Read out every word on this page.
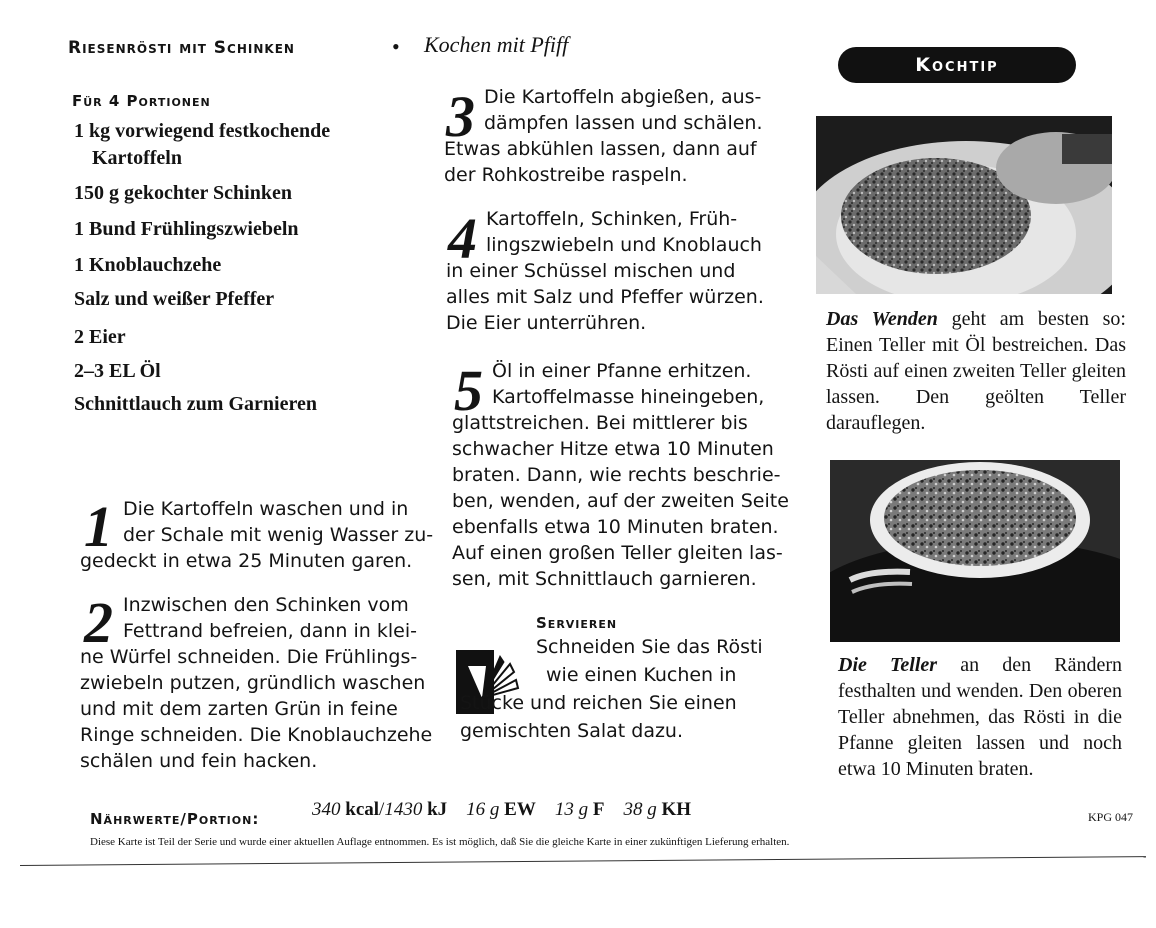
Riesenrösti mit Schinken	• Kochen mit Pfiff
Kochtip
Für 4 Portionen
1 kg vorwiegend festkochende
Kartoffeln
150 g gekochter Schinken
1 Bund Frühlingszwiebeln
1 Knoblauchzehe
Salz und weißer Pfeffer
2 Eier
2–3 EL Öl
Schnittlauch zum Garnieren
1 Die Kartoffeln waschen und in
der Schale mit wenig Wasser zu-
gedeckt in etwa 25 Minuten garen.
2 Inzwischen den Schinken vom
Fettrand befreien, dann in klei-
ne Würfel schneiden. Die Frühlings-
zwiebeln putzen, gründlich waschen
und mit dem zarten Grün in feine
Ringe schneiden. Die Knoblauchzehe
schälen und fein hacken.
3 Die Kartoffeln abgießen, aus-
dämpfen lassen und schälen.
Etwas abkühlen lassen, dann auf
der Rohkostreibe raspeln.
4 Kartoffeln, Schinken, Früh-
lingszwiebeln und Knoblauch
in einer Schüssel mischen und
alles mit Salz und Pfeffer würzen.
Die Eier unterrühren.
5 Öl in einer Pfanne erhitzen.
Kartoffelmasse hineingeben,
glattstreichen. Bei mittlerer bis
schwacher Hitze etwa 10 Minuten
braten. Dann, wie rechts beschrie-
ben, wenden, auf der zweiten Seite
ebenfalls etwa 10 Minuten braten.
Auf einen großen Teller gleiten las-
sen, mit Schnittlauch garnieren.
Servieren
Schneiden Sie das Rösti
wie einen Kuchen in
Stücke und reichen Sie einen
gemischten Salat dazu.
Das Wenden geht am besten so: Einen Teller mit Öl bestreichen. Das Rösti auf einen zweiten Teller gleiten lassen. Den geölten Teller darauflegen.
Die Teller an den Rändern festhalten und wenden. Den oberen Teller abnehmen, das Rösti in die Pfanne gleiten lassen und noch etwa 10 Minuten braten.
Nährwerte/Portion:	340 kcal/1430 kJ 16 g EW 13 g F 38 g KH	KPG 047
Diese Karte ist Teil der Serie und wurde einer aktuellen Auflage entnommen. Es ist möglich, daß Sie die gleiche Karte in einer zukünftigen Lieferung erhalten.
